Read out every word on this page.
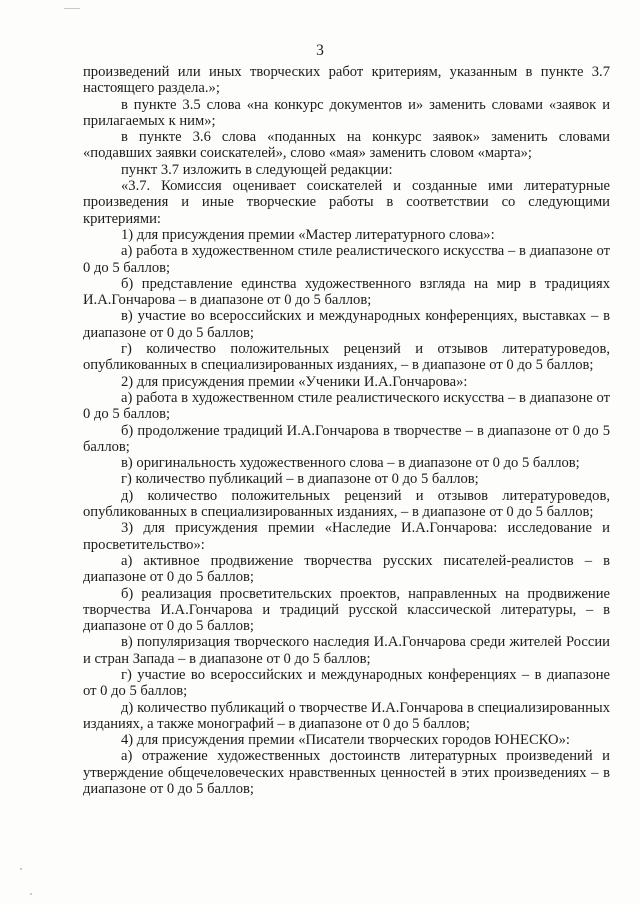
3

произведений или иных творческих работ критериям, указанным в пункте 3.7 настоящего раздела.»;

в пункте 3.5 слова «на конкурс документов и» заменить словами «заявок и прилагаемых к ним»;

в пункте 3.6 слова «поданных на конкурс заявок» заменить словами «подавших заявки соискателей», слово «мая» заменить словом «марта»;

пункт 3.7 изложить в следующей редакции:

«3.7. Комиссия оценивает соискателей и созданные ими литературные произведения и иные творческие работы в соответствии со следующими критериями:

1) для присуждения премии «Мастер литературного слова»:

а) работа в художественном стиле реалистического искусства – в диапазоне от 0 до 5 баллов;

б) представление единства художественного взгляда на мир в традициях И.А.Гончарова – в диапазоне от 0 до 5 баллов;

в) участие во всероссийских и международных конференциях, выставках – в диапазоне от 0 до 5 баллов;

г) количество положительных рецензий и отзывов литературоведов, опубликованных в специализированных изданиях, – в диапазоне от 0 до 5 баллов;

2) для присуждения премии «Ученики И.А.Гончарова»:

а) работа в художественном стиле реалистического искусства – в диапазоне от 0 до 5 баллов;

б) продолжение традиций И.А.Гончарова в творчестве – в диапазоне от 0 до 5 баллов;

в) оригинальность художественного слова – в диапазоне от 0 до 5 баллов;

г) количество публикаций – в диапазоне от 0 до 5 баллов;

д) количество положительных рецензий и отзывов литературоведов, опубликованных в специализированных изданиях, – в диапазоне от 0 до 5 баллов;

3) для присуждения премии «Наследие И.А.Гончарова: исследование и просветительство»:

а) активное продвижение творчества русских писателей-реалистов – в диапазоне от 0 до 5 баллов;

б) реализация просветительских проектов, направленных на продвижение творчества И.А.Гончарова и традиций русской классической литературы, – в диапазоне от 0 до 5 баллов;

в) популяризация творческого наследия И.А.Гончарова среди жителей России и стран Запада – в диапазоне от 0 до 5 баллов;

г) участие во всероссийских и международных конференциях – в диапазоне от 0 до 5 баллов;

д) количество публикаций о творчестве И.А.Гончарова в специализированных изданиях, а также монографий – в диапазоне от 0 до 5 баллов;

4) для присуждения премии «Писатели творческих городов ЮНЕСКО»:

а) отражение художественных достоинств литературных произведений и утверждение общечеловеческих нравственных ценностей в этих произведениях – в диапазоне от 0 до 5 баллов;
